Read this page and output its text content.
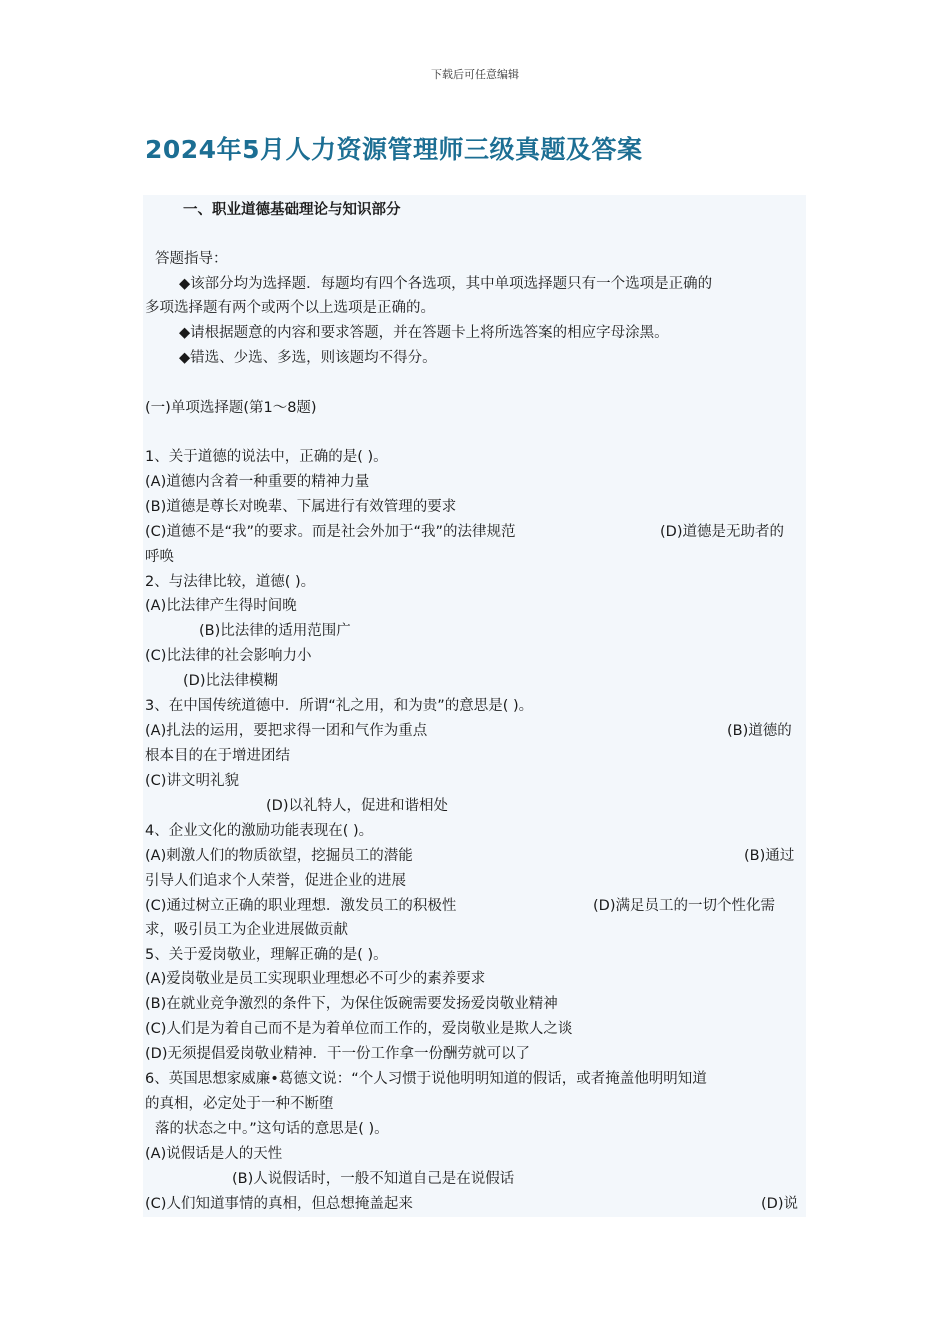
下载后可任意编辑
2024年5月人力资源管理师三级真题及答案
一、职业道德基础理论与知识部分
答题指导：
◆该部分均为选择题．每题均有四个各选项，其中单项选择题只有一个选项是正确的
多项选择题有两个或两个以上选项是正确的。
◆请根据题意的内容和要求答题，并在答题卡上将所选答案的相应字母涂黑。
◆错选、少选、多选，则该题均不得分。
(一)单项选择题(第1～8题)
1、关于道德的说法中，正确的是( )。
(A)道德内含着一种重要的精神力量
(B)道德是尊长对晚辈、下属进行有效管理的要求
(C)道德不是“我”的要求。而是社会外加于“我”的法律规范	(D)道德是无助者的
呼唤
2、与法律比较，道德( )。
(A)比法律产生得时间晚
(B)比法律的适用范围广
(C)比法律的社会影响力小
(D)比法律模糊
3、在中国传统道德中．所谓“礼之用，和为贵”的意思是( )。
(A)扎法的运用，要把求得一团和气作为重点	(B)道德的
根本目的在于增进团结
(C)讲文明礼貌
(D)以礼特人，促进和谐相处
4、企业文化的激励功能表现在( )。
(A)刺激人们的物质欲望，挖掘员工的潜能	(B)通过
引导人们追求个人荣誉，促进企业的进展
(C)通过树立正确的职业理想．激发员工的积极性	(D)满足员工的一切个性化需
求，吸引员工为企业进展做贡献
5、关于爱岗敬业，理解正确的是( )。
(A)爱岗敬业是员工实现职业理想必不可少的素养要求
(B)在就业竞争激烈的条件下，为保住饭碗需要发扬爱岗敬业精神
(C)人们是为着自己而不是为着单位而工作的，爱岗敬业是欺人之谈
(D)无须提倡爱岗敬业精神．干一份工作拿一份酬劳就可以了
6、英国思想家威廉•葛德文说：“个人习惯于说他明明知道的假话，或者掩盖他明明知道
的真相，必定处于一种不断堕
落的状态之中。”这句话的意思是( )。
(A)说假话是人的天性
(B)人说假话时，一般不知道自己是在说假话
(C)人们知道事情的真相，但总想掩盖起来	(D)说
